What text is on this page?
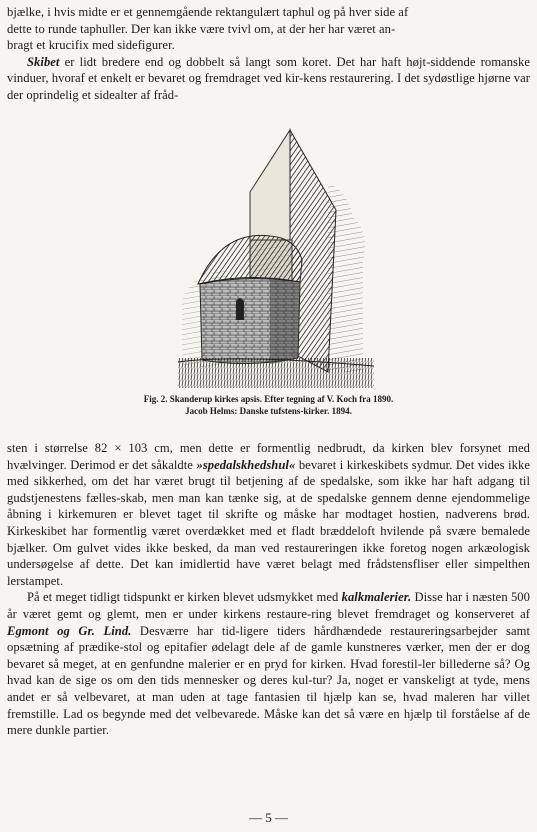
bjælke, i hvis midte er et gennemgående rektangulært taphul og på hver side af

dette to runde taphuller. Der kan ikke være tvivl om, at der her har været an-

bragt et krucifix med sidefigurer.

Skibet er lidt bredere end og dobbelt så langt som koret. Det har haft højt-siddende romanske vinduer, hvoraf et enkelt er bevaret og fremdraget ved kir-kens restaurering. I det sydøstlige hjørne var der oprindelig et sidealter af fråd-

Fig. 2. Skanderup kirkes apsis. Efter tegning af V. Koch fra 1890.
Jacob Helms: Danske tufstens-kirker. 1894.

sten i størrelse 82 × 103 cm, men dette er formentlig nedbrudt, da kirken blev forsynet med hvælvinger. Derimod er det såkaldte »spedalskhedshul« bevaret i kirkeskibets sydmur. Det vides ikke med sikkerhed, om det har været brugt til betjening af de spedalske, som ikke har haft adgang til gudstjenestens fælles-skab, men man kan tænke sig, at de spedalske gennem denne ejendommelige åbning i kirkemuren er blevet taget til skrifte og måske har modtaget hostien, nadverens brød. Kirkeskibet har formentlig været overdækket med et fladt bræddeloft hvilende på svære bemalede bjælker. Om gulvet vides ikke besked, da man ved restaureringen ikke foretog nogen arkæologisk undersøgelse af dette. Det kan imidlertid have været belagt med frådstensfliser eller simpelthen lerstampet.

På et meget tidligt tidspunkt er kirken blevet udsmykket med kalkmalerier. Disse har i næsten 500 år været gemt og glemt, men er under kirkens restaure-ring blevet fremdraget og konserveret af Egmont og Gr. Lind. Desværre har tid-ligere tiders hårdhændede restaureringsarbejder samt opsætning af prædike-stol og epitafier ødelagt dele af de gamle kunstneres værker, men der er dog bevaret så meget, at en genfundne malerier er en pryd for kirken. Hvad forestil-ler billederne så? Og hvad kan de sige os om den tids mennesker og deres kul-tur? Ja, noget er vanskeligt at tyde, mens andet er så velbevaret, at man uden at tage fantasien til hjælp kan se, hvad maleren har villet fremstille. Lad os begynde med det velbevarede. Måske kan det så være en hjælp til forståelse af de mere dunkle partier.

— 5 —
